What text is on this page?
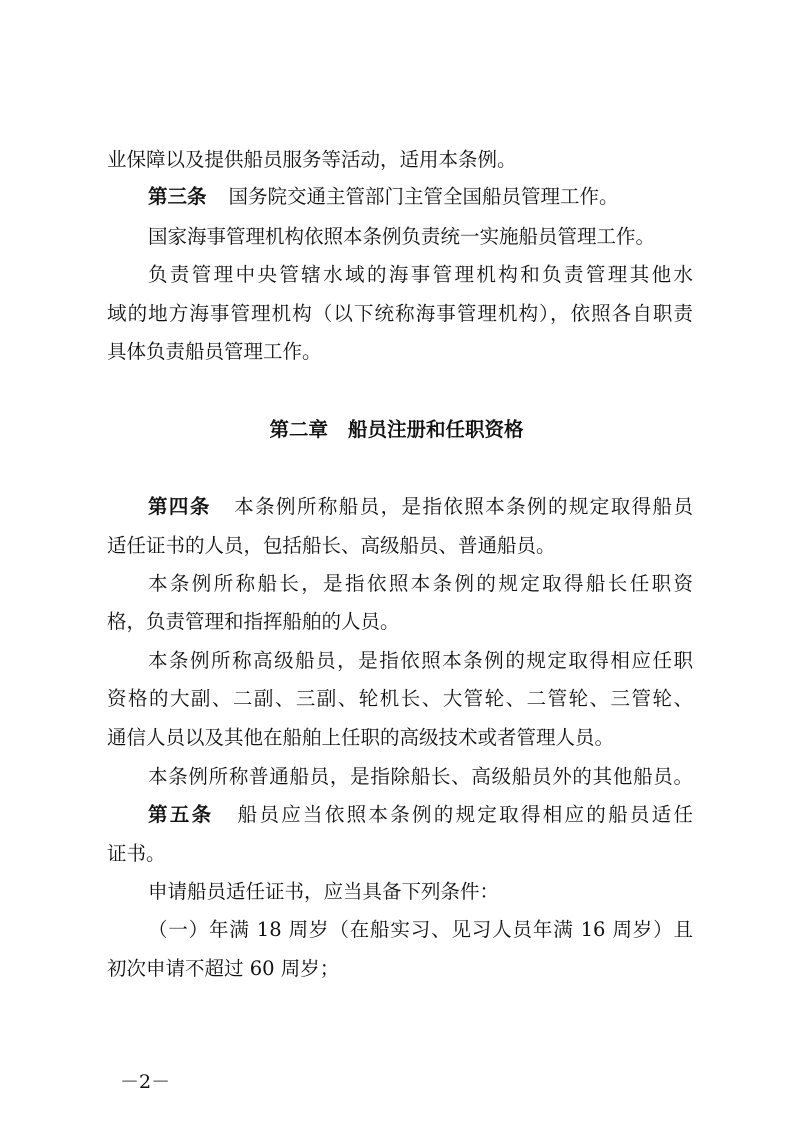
业保障以及提供船员服务等活动，适用本条例。
第三条 国务院交通主管部门主管全国船员管理工作。
国家海事管理机构依照本条例负责统一实施船员管理工作。
负责管理中央管辖水域的海事管理机构和负责管理其他水
域的地方海事管理机构（以下统称海事管理机构），依照各自职责
具体负责船员管理工作。
第二章 船员注册和任职资格
第四条 本条例所称船员，是指依照本条例的规定取得船员
适任证书的人员，包括船长、高级船员、普通船员。
本条例所称船长，是指依照本条例的规定取得船长任职资
格，负责管理和指挥船舶的人员。
本条例所称高级船员，是指依照本条例的规定取得相应任职
资格的大副、二副、三副、轮机长、大管轮、二管轮、三管轮、
通信人员以及其他在船舶上任职的高级技术或者管理人员。
本条例所称普通船员，是指除船长、高级船员外的其他船员。
第五条 船员应当依照本条例的规定取得相应的船员适任
证书。
申请船员适任证书，应当具备下列条件：
（一）年满 18 周岁（在船实习、见习人员年满 16 周岁）且
初次申请不超过 60 周岁；
－2－
